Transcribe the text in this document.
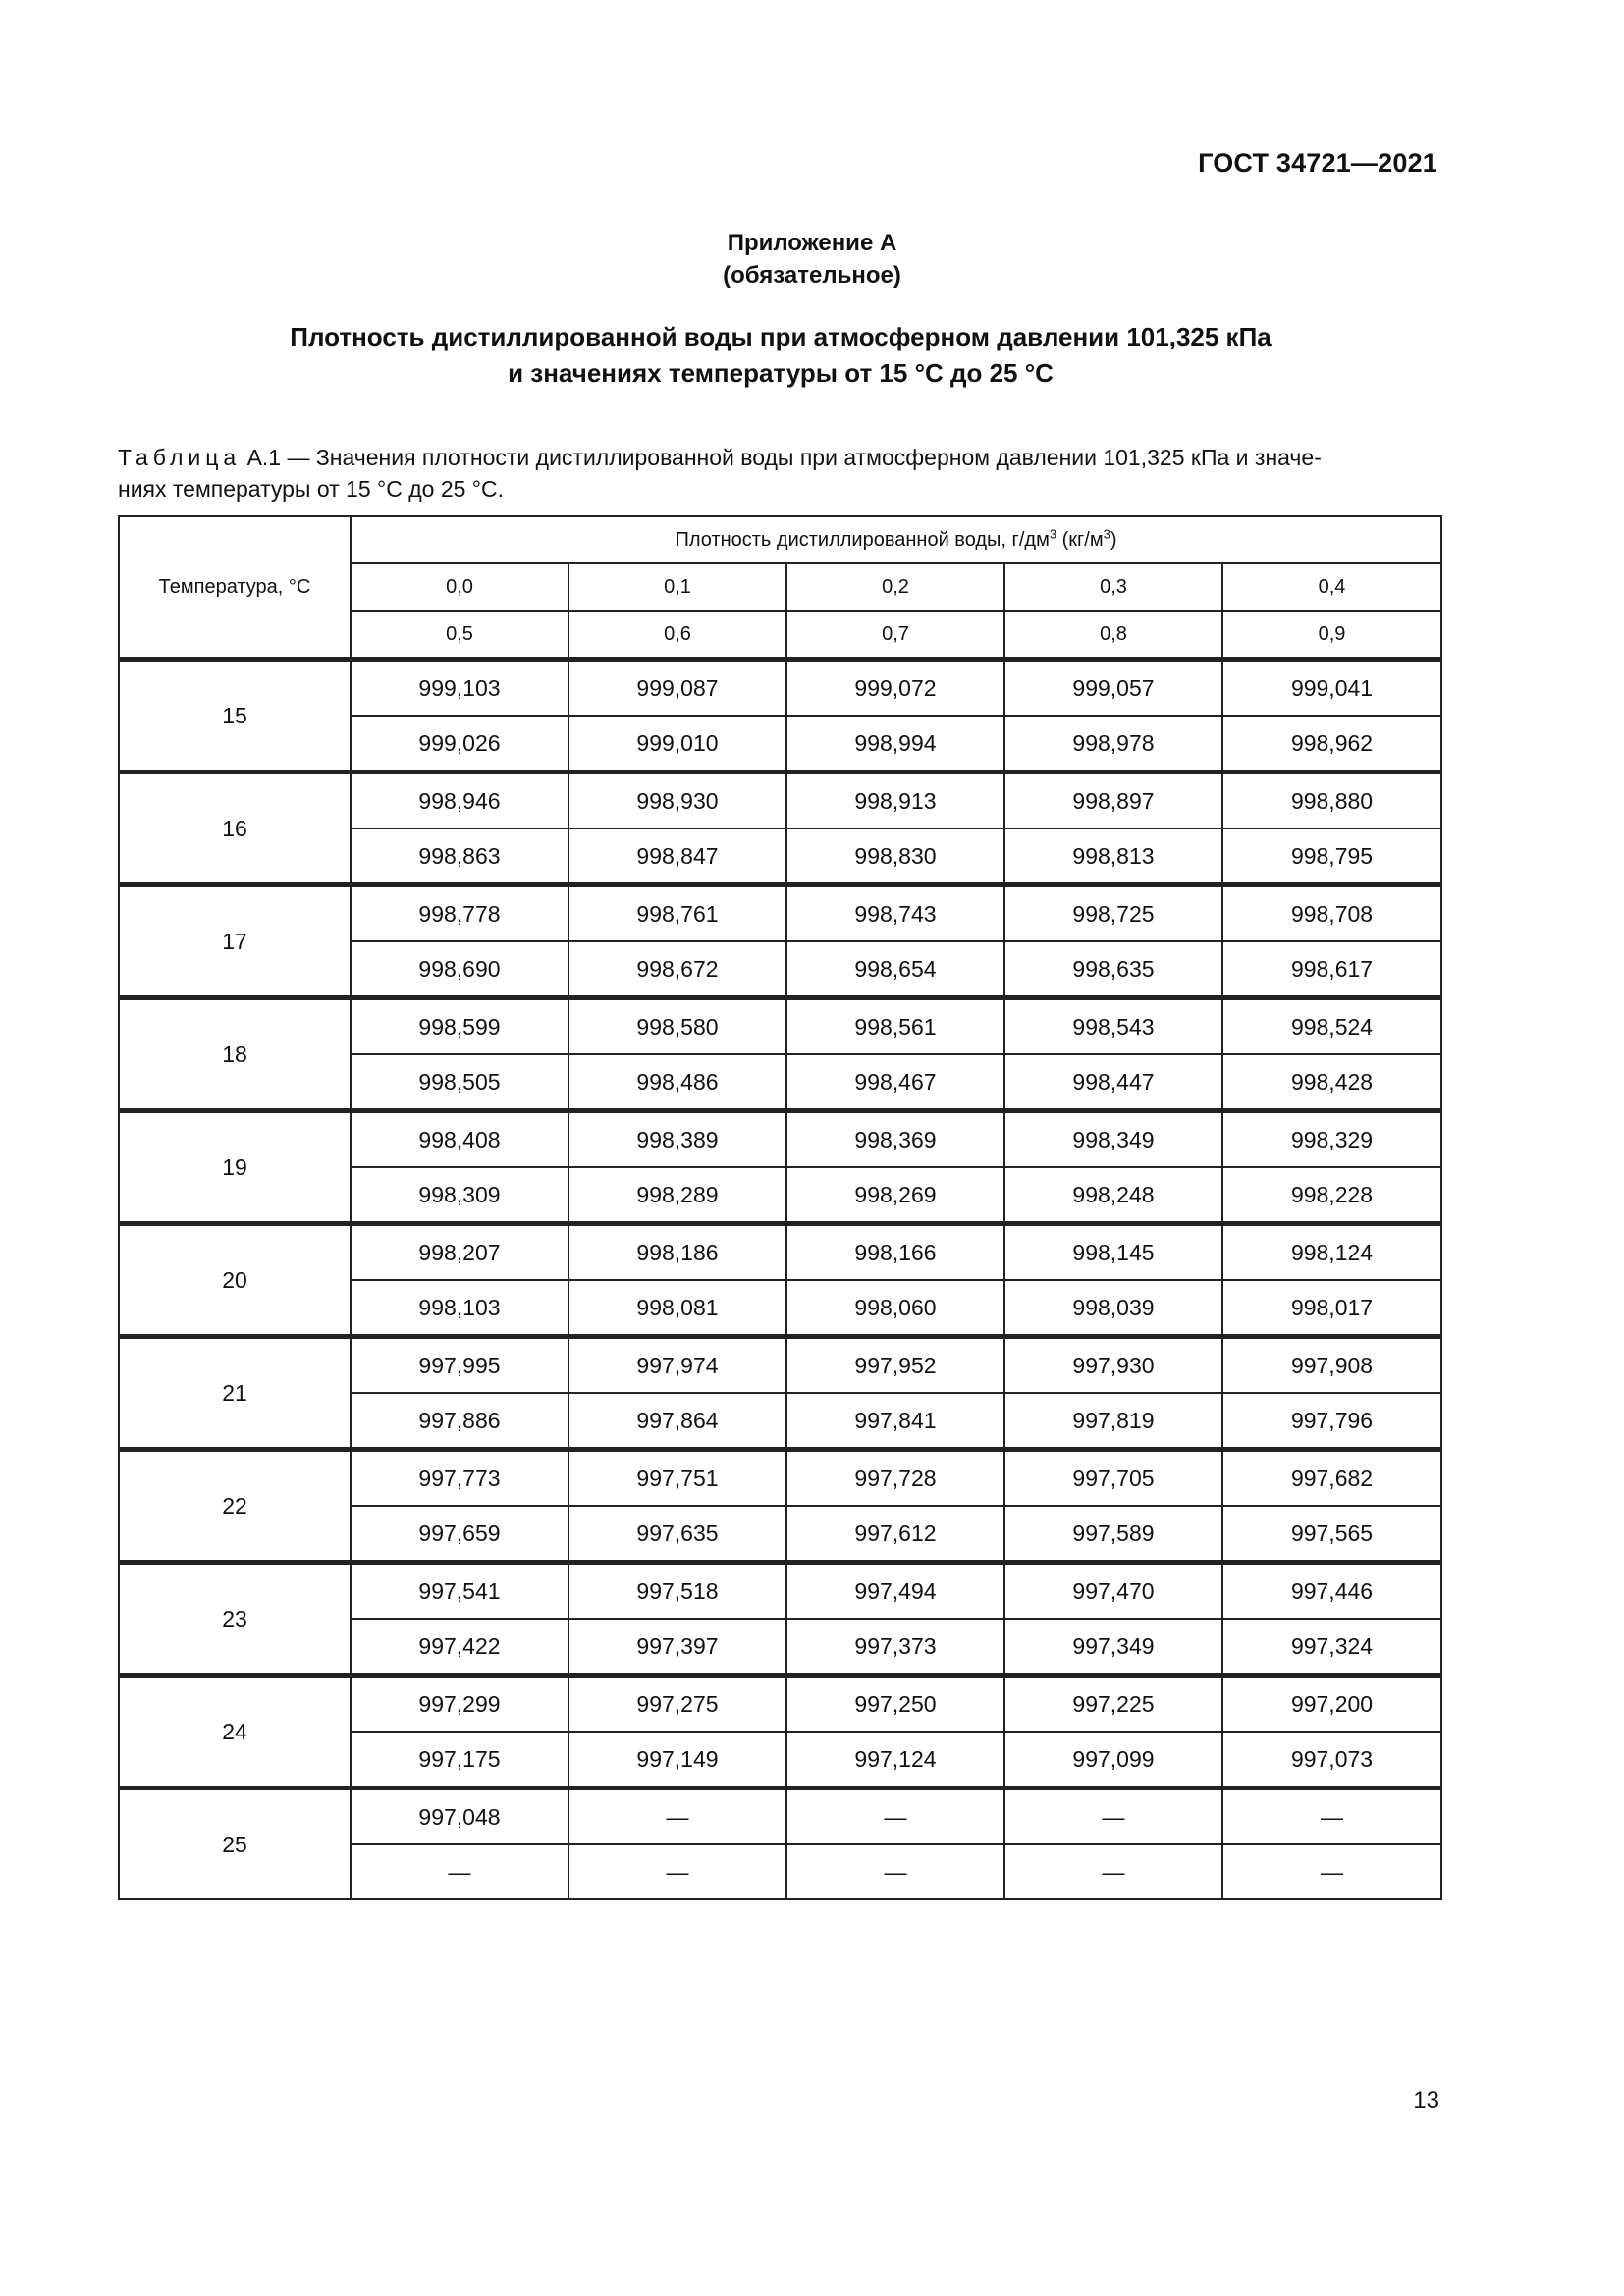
ГОСТ 34721—2021
Приложение А
(обязательное)
Плотность дистиллированной воды при атмосферном давлении 101,325 кПа
и значениях температуры от 15 °С до 25 °С
Таблица А.1 — Значения плотности дистиллированной воды при атмосферном давлении 101,325 кПа и значе-
ниях температуры от 15 °С до 25 °С.
Температура, °С	Плотность дистиллированной воды, $г/дм^3$ $(кг/м^3)$				
	0,0	0,1	0,2	0,3	0,4
	0,5	0,6	0,7	0,8	0,9
15	999,103	999,087	999,072	999,057	999,041
	999,026	999,010	998,994	998,978	998,962
16	998,946	998,930	998,913	998,897	998,880
	998,863	998,847	998,830	998,813	998,795
17	998,778	998,761	998,743	998,725	998,708
	998,690	998,672	998,654	998,635	998,617
18	998,599	998,580	998,561	998,543	998,524
	998,505	998,486	998,467	998,447	998,428
19	998,408	998,389	998,369	998,349	998,329
	998,309	998,289	998,269	998,248	998,228
20	998,207	998,186	998,166	998,145	998,124
	998,103	998,081	998,060	998,039	998,017
21	997,995	997,974	997,952	997,930	997,908
	997,886	997,864	997,841	997,819	997,796
22	997,773	997,751	997,728	997,705	997,682
	997,659	997,635	997,612	997,589	997,565
23	997,541	997,518	997,494	997,470	997,446
	997,422	997,397	997,373	997,349	997,324
24	997,299	997,275	997,250	997,225	997,200
	997,175	997,149	997,124	997,099	997,073
25	997,048	—	—	—	—
	—	—	—	—	—
13
